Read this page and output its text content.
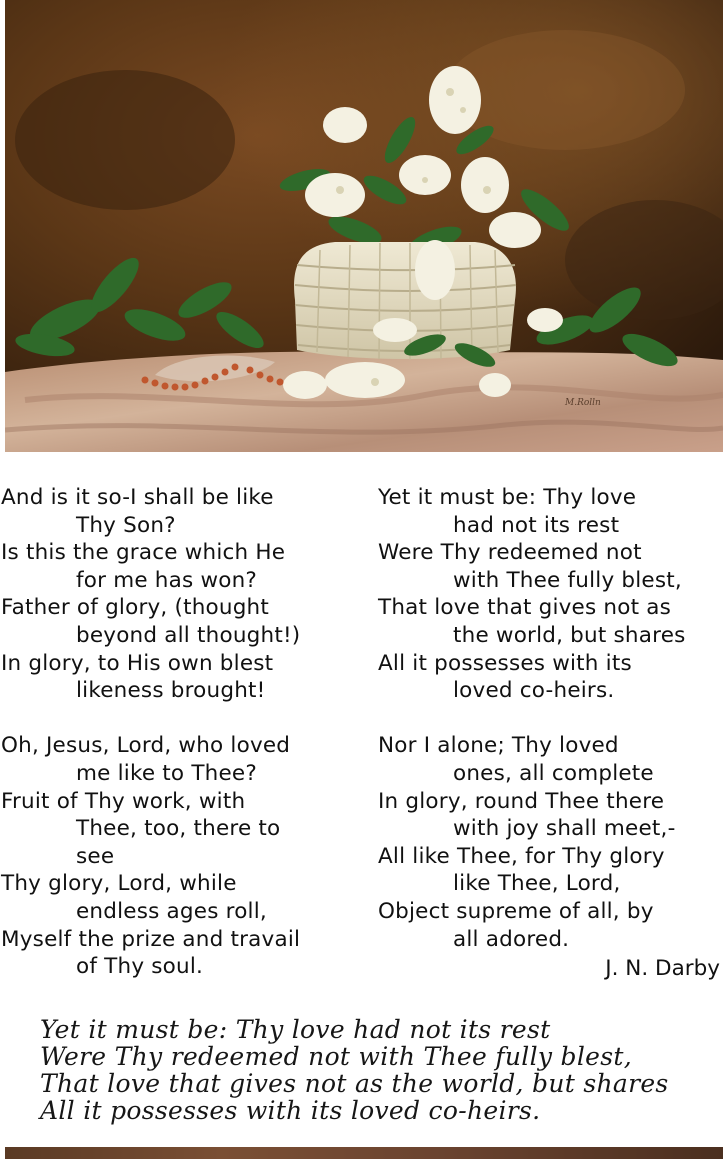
M.Rolln

And is it so-I shall be like

Thy Son?

Is this the grace which He

for me has won?

Father of glory, (thought

beyond all thought!)

In glory, to His own blest

likeness brought!

Oh, Jesus, Lord, who loved

me like to Thee?

Fruit of Thy work, with

Thee, too, there to

see

Thy glory, Lord, while

endless ages roll,

Myself the prize and travail

of Thy soul.

Yet it must be: Thy love

had not its rest

Were Thy redeemed not

with Thee fully blest,

That love that gives not as

the world, but shares

All it possesses with its

loved co-heirs.

Nor I alone; Thy loved

ones, all complete

In glory, round Thee there

with joy shall meet,-

All like Thee, for Thy glory

like Thee, Lord,

Object supreme of all, by

all adored.

J. N. Darby

Yet it must be: Thy love had not its rest

Were Thy redeemed not with Thee fully blest,

That love that gives not as the world, but shares

All it possesses with its loved co-heirs.
